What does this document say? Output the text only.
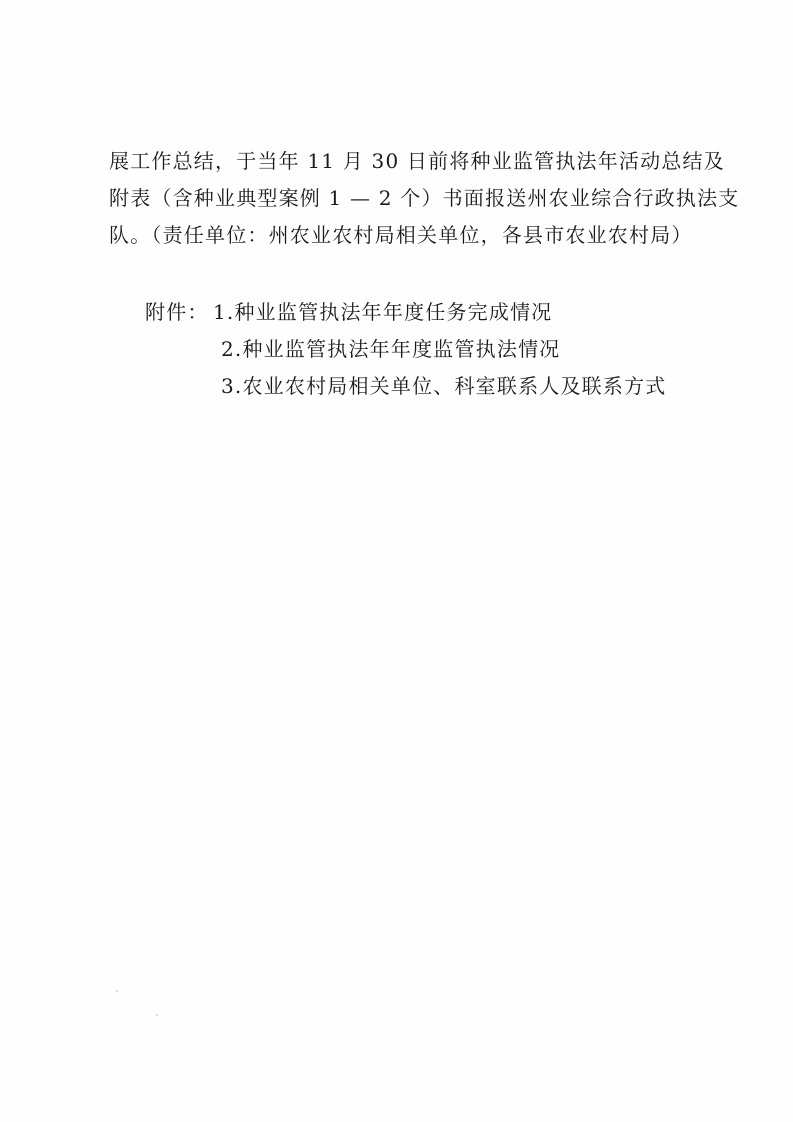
展工作总结，于当年 11 月 30 日前将种业监管执法年活动总结及
附表（含种业典型案例 1 — 2 个）书面报送州农业综合行政执法支
队。（责任单位：州农业农村局相关单位，各县市农业农村局）
附件： 1.种业监管执法年年度任务完成情况
2.种业监管执法年年度监管执法情况
3.农业农村局相关单位、科室联系人及联系方式
